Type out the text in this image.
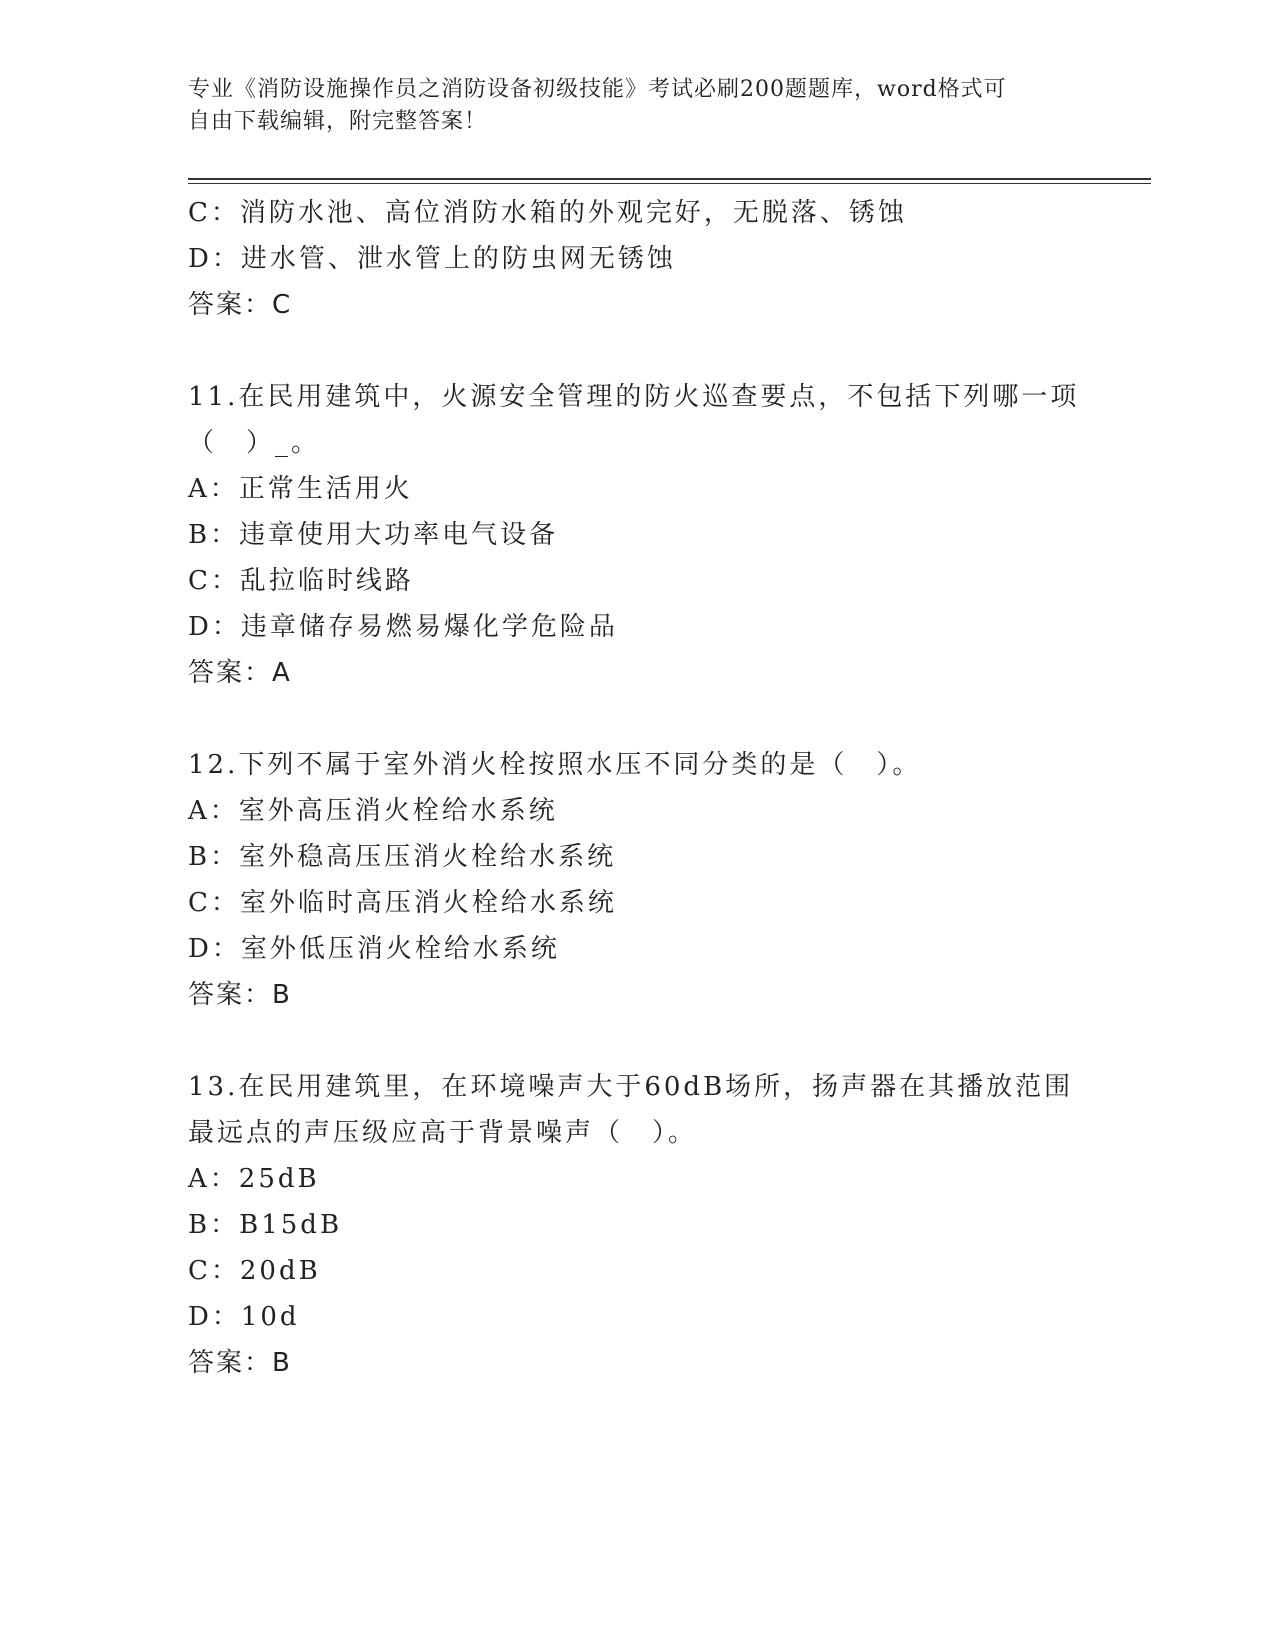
专业《消防设施操作员之消防设备初级技能》考试必刷200题题库，word格式可
自由下载编辑，附完整答案！
C：消防水池、高位消防水箱的外观完好，无脱落、锈蚀
D：进水管、泄水管上的防虫网无锈蚀
答案：C
11.在民用建筑中，火源安全管理的防火巡查要点，不包括下列哪一项
（　）_。
A：正常生活用火
B：违章使用大功率电气设备
C：乱拉临时线路
D：违章储存易燃易爆化学危险品
答案：A
12.下列不属于室外消火栓按照水压不同分类的是（　）。
A：室外高压消火栓给水系统
B：室外稳高压压消火栓给水系统
C：室外临时高压消火栓给水系统
D：室外低压消火栓给水系统
答案：B
13.在民用建筑里，在环境噪声大于60dB场所，扬声器在其播放范围
最远点的声压级应高于背景噪声（　）。
A：25dB
B：B15dB
C：20dB
D：10d
答案：B
